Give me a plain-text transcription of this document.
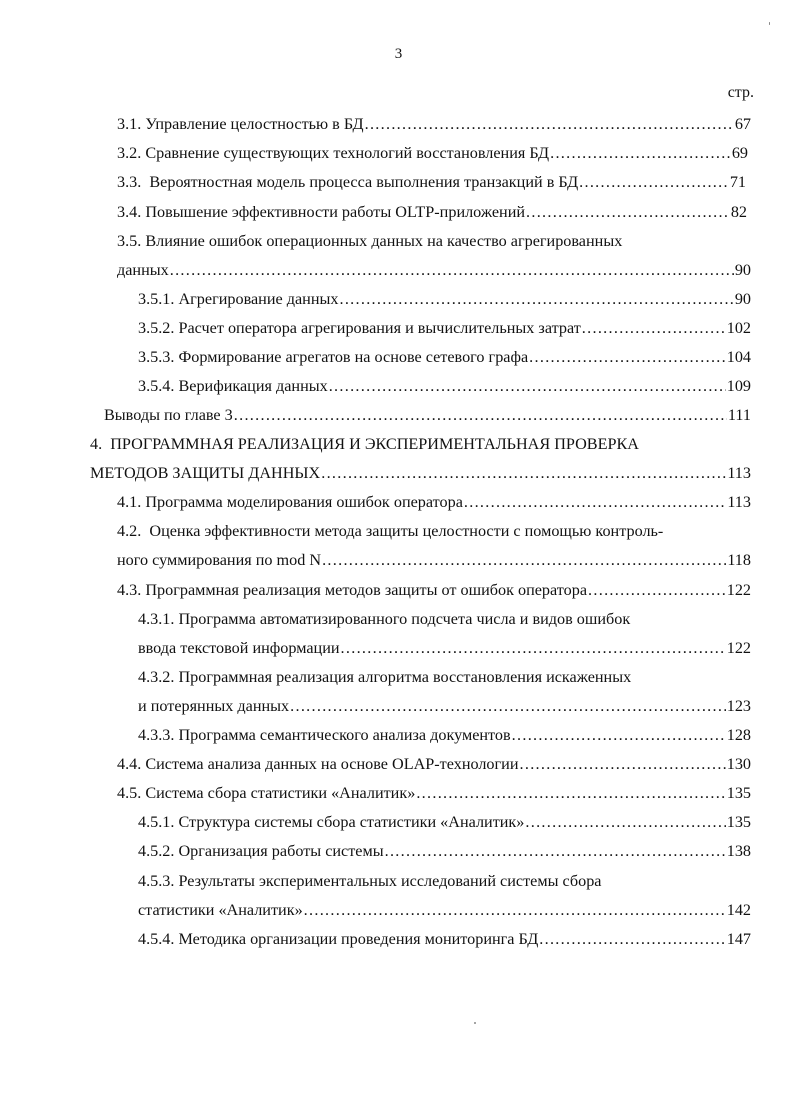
3
стр.
3.1. Управление целостностью в БД .....	67
3.2. Сравнение существующих технологий восстановления БД .....	69
3.3. Вероятностная модель процесса выполнения транзакций в БД .....	71
3.4. Повышение эффективности работы OLTP-приложений .....	82
3.5. Влияние ошибок операционных данных на качество агрегированных
данных .....	90
3.5.1. Агрегирование данных .....	90
3.5.2. Расчет оператора агрегирования и вычислительных затрат .....	102
3.5.3. Формирование агрегатов на основе сетевого графа .....	104
3.5.4. Верификация данных .....	109
Выводы по главе 3 .....	111
4. ПРОГРАММНАЯ РЕАЛИЗАЦИЯ И ЭКСПЕРИМЕНТАЛЬНАЯ ПРОВЕРКА
МЕТОДОВ ЗАЩИТЫ ДАННЫХ .....	113
4.1. Программа моделирования ошибок оператора .....	113
4.2. Оценка эффективности метода защиты целостности с помощью контроль-
ного суммирования по mod N .....	118
4.3. Программная реализация методов защиты от ошибок оператора .....	122
4.3.1. Программа автоматизированного подсчета числа и видов ошибок
ввода текстовой информации .....	122
4.3.2. Программная реализация алгоритма восстановления искаженных
и потерянных данных .....	123
4.3.3. Программа семантического анализа документов .....	128
4.4. Система анализа данных на основе OLAP-технологии .....	130
4.5. Система сбора статистики «Аналитик» .....	135
4.5.1. Структура системы сбора статистики «Аналитик» .....	135
4.5.2. Организация работы системы .....	138
4.5.3. Результаты экспериментальных исследований системы сбора
статистики «Аналитик» .....	142
4.5.4. Методика организации проведения мониторинга БД .....	147
